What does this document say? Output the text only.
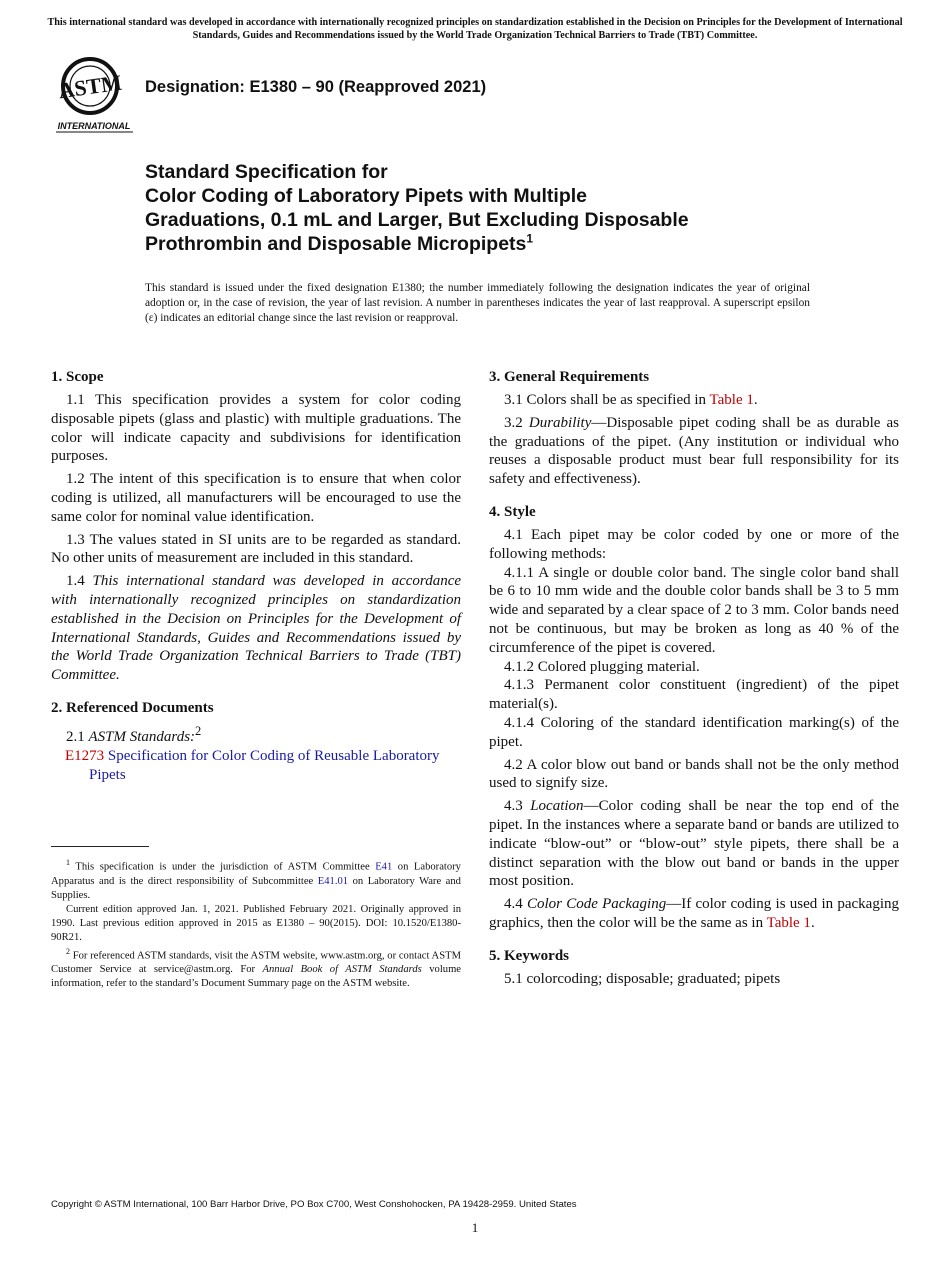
This international standard was developed in accordance with internationally recognized principles on standardization established in the Decision on Principles for the Development of International Standards, Guides and Recommendations issued by the World Trade Organization Technical Barriers to Trade (TBT) Committee.
ASTM
INTERNATIONAL
Designation: E1380 – 90 (Reapproved 2021)
Standard Specification for
Color Coding of Laboratory Pipets with Multiple
Graduations, 0.1 mL and Larger, But Excluding Disposable
Prothrombin and Disposable Micropipets$^1$
This standard is issued under the fixed designation E1380; the number immediately following the designation indicates the year of original adoption or, in the case of revision, the year of last revision. A number in parentheses indicates the year of last reapproval. A superscript epsilon (ε) indicates an editorial change since the last revision or reapproval.
1. Scope

1.1 This specification provides a system for color coding disposable pipets (glass and plastic) with multiple graduations. The color will indicate capacity and subdivisions for identification purposes.

1.2 The intent of this specification is to ensure that when color coding is utilized, all manufacturers will be encouraged to use the same color for nominal value identification.

1.3 The values stated in SI units are to be regarded as standard. No other units of measurement are included in this standard.

1.4 This international standard was developed in accordance with internationally recognized principles on standardization established in the Decision on Principles for the Development of International Standards, Guides and Recommendations issued by the World Trade Organization Technical Barriers to Trade (TBT) Committee.

2. Referenced Documents

2.1 ASTM Standards:$^2$

E1273 Specification for Color Coding of Reusable Laboratory Pipets

$^1$ This specification is under the jurisdiction of ASTM Committee E41 on Laboratory Apparatus and is the direct responsibility of Subcommittee E41.01 on Laboratory Ware and Supplies.

Current edition approved Jan. 1, 2021. Published February 2021. Originally approved in 1990. Last previous edition approved in 2015 as E1380 – 90(2015). DOI: 10.1520/E1380-90R21.

$^2$ For referenced ASTM standards, visit the ASTM website, www.astm.org, or contact ASTM Customer Service at service@astm.org. For Annual Book of ASTM Standards volume information, refer to the standard’s Document Summary page on the ASTM website.

3. General Requirements

3.1 Colors shall be as specified in Table 1.

3.2 Durability—Disposable pipet coding shall be as durable as the graduations of the pipet. (Any institution or individual who reuses a disposable product must bear full responsibility for its safety and effectiveness).

4. Style

4.1 Each pipet may be color coded by one or more of the following methods:

4.1.1 A single or double color band. The single color band shall be 6 to 10 mm wide and the double color bands shall be 3 to 5 mm wide and separated by a clear space of 2 to 3 mm. Color bands need not be continuous, but may be broken as long as 40 % of the circumference of the pipet is covered.

4.1.2 Colored plugging material.

4.1.3 Permanent color constituent (ingredient) of the pipet material(s).

4.1.4 Coloring of the standard identification marking(s) of the pipet.

4.2 A color blow out band or bands shall not be the only method used to signify size.

4.3 Location—Color coding shall be near the top end of the pipet. In the instances where a separate band or bands are utilized to indicate “blow-out” or “blow-out” style pipets, there shall be a distinct separation with the blow out band or bands in the upper most position.

4.4 Color Code Packaging—If color coding is used in packaging graphics, then the color will be the same as in Table 1.

5. Keywords

5.1 colorcoding; disposable; graduated; pipets

Copyright © ASTM International, 100 Barr Harbor Drive, PO Box C700, West Conshohocken, PA 19428-2959. United States
1
